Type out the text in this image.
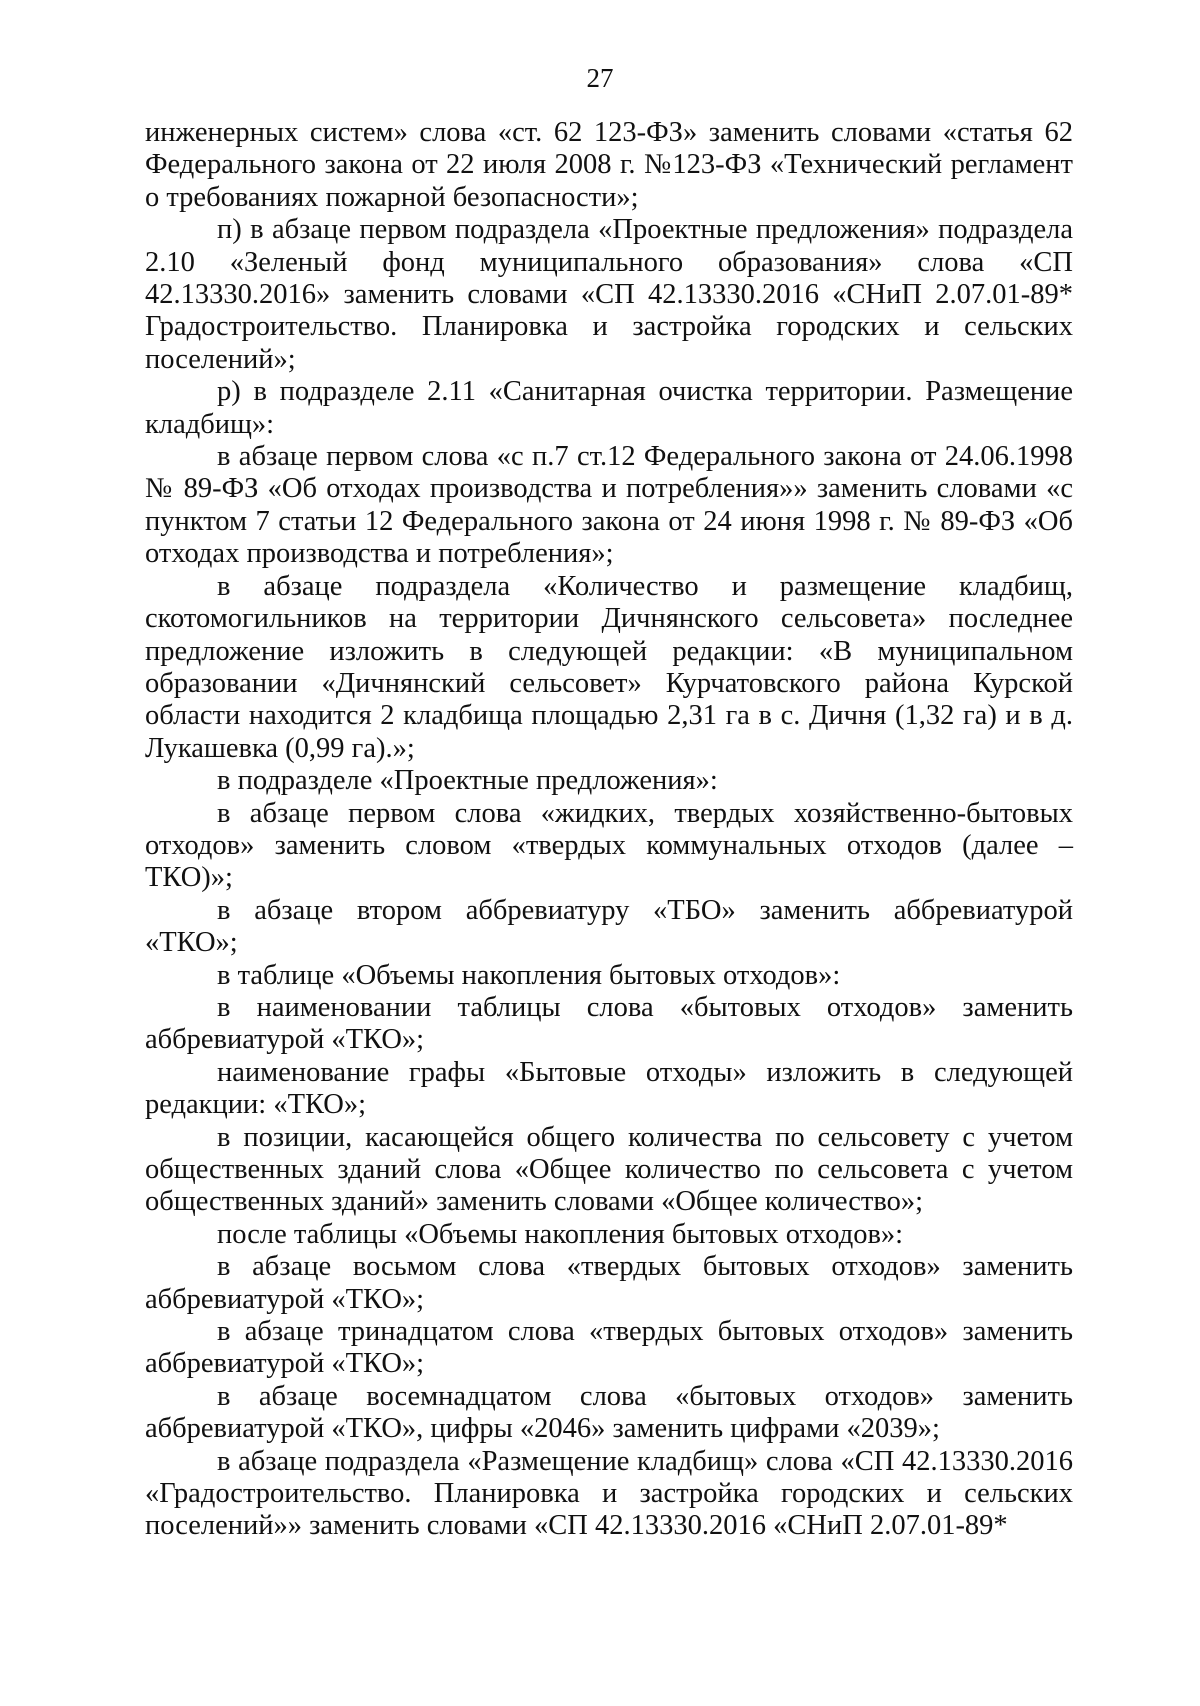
27

инженерных систем» слова «ст. 62 123-ФЗ» заменить словами «статья 62 Федерального закона от 22 июля 2008 г. №123-ФЗ «Технический регламент о требованиях пожарной безопасности»;

п) в абзаце первом подраздела «Проектные предложения» подраздела 2.10 «Зеленый фонд муниципального образования» слова «СП 42.13330.2016» заменить словами «СП 42.13330.2016 «СНиП 2.07.01-89* Градостроительство. Планировка и застройка городских и сельских поселений»;

р) в подразделе 2.11 «Санитарная очистка территории. Размещение кладбищ»:

в абзаце первом слова «с п.7 ст.12 Федерального закона от 24.06.1998 № 89-ФЗ «Об отходах производства и потребления»» заменить словами «с пунктом 7 статьи 12 Федерального закона от 24 июня 1998 г. № 89-ФЗ «Об отходах производства и потребления»;

в абзаце подраздела «Количество и размещение кладбищ, скотомогильников на территории Дичнянского сельсовета» последнее предложение изложить в следующей редакции: «В муниципальном образовании «Дичнянский сельсовет» Курчатовского района Курской области находится 2 кладбища площадью 2,31 га в с. Дичня (1,32 га) и в д. Лукашевка (0,99 га).»;

в подразделе «Проектные предложения»:

в абзаце первом слова «жидких, твердых хозяйственно-бытовых отходов» заменить словом «твердых коммунальных отходов (далее – ТКО)»;

в абзаце втором аббревиатуру «ТБО» заменить аббревиатурой «ТКО»;

в таблице «Объемы накопления бытовых отходов»:

в наименовании таблицы слова «бытовых отходов» заменить аббревиатурой «ТКО»;

наименование графы «Бытовые отходы» изложить в следующей редакции: «ТКО»;

в позиции, касающейся общего количества по сельсовету с учетом общественных зданий слова «Общее количество по сельсовета с учетом общественных зданий» заменить словами «Общее количество»;

после таблицы «Объемы накопления бытовых отходов»:

в абзаце восьмом слова «твердых бытовых отходов» заменить аббревиатурой «ТКО»;

в абзаце тринадцатом слова «твердых бытовых отходов» заменить аббревиатурой «ТКО»;

в абзаце восемнадцатом слова «бытовых отходов» заменить аббревиатурой «ТКО», цифры «2046» заменить цифрами «2039»;

в абзаце подраздела «Размещение кладбищ» слова «СП 42.13330.2016 «Градостроительство. Планировка и застройка городских и сельских поселений»» заменить словами «СП 42.13330.2016 «СНиП 2.07.01-89*
